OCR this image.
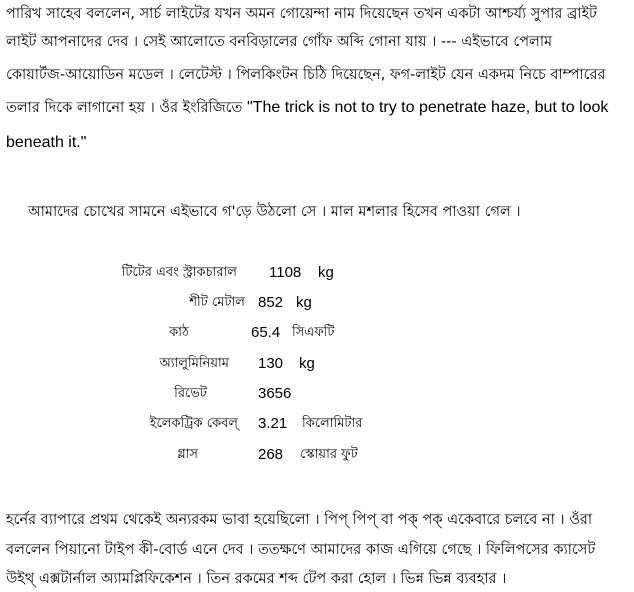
পারিখ সাহেব বললেন, সার্চ লাইটের যখন অমন গোয়েন্দা নাম দিয়েছেন তখন একটা আশ্চর্য্য সুপার ব্রাইট
লাইট আপনাদের দেব । সেই আলোতে বনবিড়ালের গোঁফ অব্দি গোনা যায় । --- এইভাবে পেলাম
কোয়ার্টজ-আয়োডিন মডেল । লেটেস্ট । পিলকিংটন চিঠি দিয়েছেন, ফগ-লাইট যেন একদম নিচে বাম্পারের
তলার দিকে লাগানো হয় । ওঁর ইংরিজিতে "The trick is not to try to penetrate haze, but to look
beneath it."
আমাদের চোখের সামনে এইভাবে গ'ড়ে উঠলো সে । মাল মশলার হিসেব পাওয়া গেল ।
টিটের এবং স্ট্রাকচারাল 1108 kg
শীট মেটাল 852 kg
কাঠ	65.4 সিএফটি
অ্যালুমিনিয়াম 130 kg
রিভেট	3656
ইলেকট্রিক কেবল্ 3.21 কিলোমিটার
গ্লাস	268 স্কোয়ার ফুট
হর্নের ব্যাপারে প্রথম থেকেই অন্যরকম ভাবা হয়েছিলো । পিপ্ পিপ্ বা পক্ পক্ একেবারে চলবে না । ওঁরা
বললেন পিয়ানো টাইপ কী-বোর্ড এনে দেব । ততক্ষণে আমাদের কাজ এগিয়ে গেছে । ফিলিপসের ক্যাসেট
উইথ্ এক্সটার্নাল অ্যামপ্লিফিকেশন । তিন রকমের শব্দ টেপ করা হোল । ভিন্ন ভিন্ন ব্যবহার ।
